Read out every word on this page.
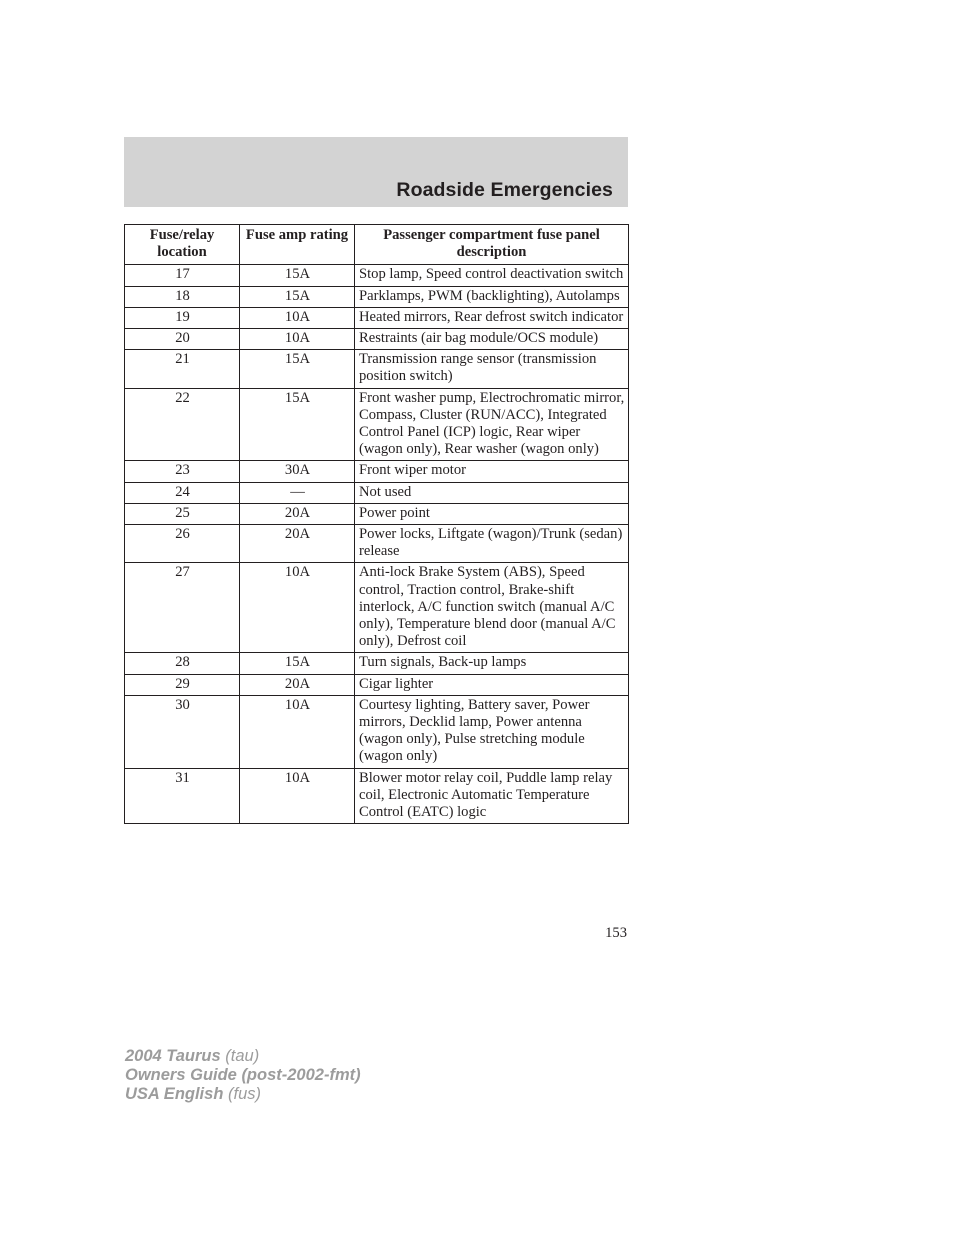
Roadside Emergencies
Fuse/relay location	Fuse amp rating	Passenger compartment fuse panel description
17	15A	Stop lamp, Speed control deactivation switch
18	15A	Parklamps, PWM (backlighting), Autolamps
19	10A	Heated mirrors, Rear defrost switch indicator
20	10A	Restraints (air bag module/OCS module)
21	15A	Transmission range sensor (transmission position switch)
22	15A	Front washer pump, Electrochromatic mirror, Compass, Cluster (RUN/ACC), Integrated Control Panel (ICP) logic, Rear wiper (wagon only), Rear washer (wagon only)
23	30A	Front wiper motor
24	—	Not used
25	20A	Power point
26	20A	Power locks, Liftgate (wagon)/Trunk (sedan) release
27	10A	Anti-lock Brake System (ABS), Speed control, Traction control, Brake-shift interlock, A/C function switch (manual A/C only), Temperature blend door (manual A/C only), Defrost coil
28	15A	Turn signals, Back-up lamps
29	20A	Cigar lighter
30	10A	Courtesy lighting, Battery saver, Power mirrors, Decklid lamp, Power antenna (wagon only), Pulse stretching module (wagon only)
31	10A	Blower motor relay coil, Puddle lamp relay coil, Electronic Automatic Temperature Control (EATC) logic
153
2004 Taurus (tau)
Owners Guide (post-2002-fmt)
USA English (fus)
